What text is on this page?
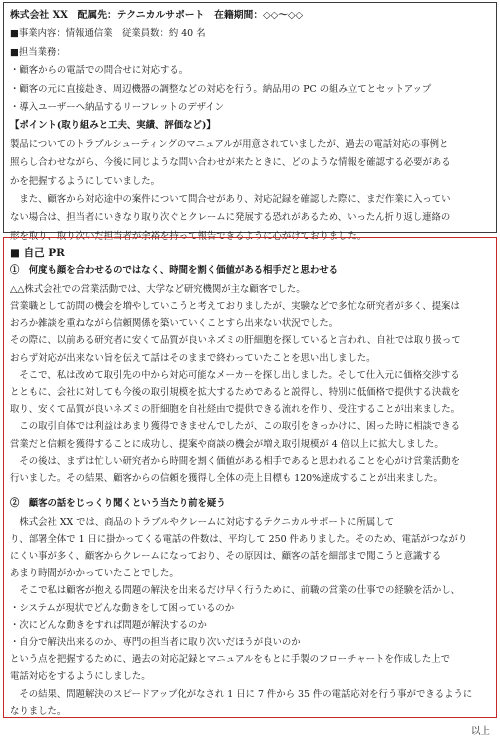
株式会社 XX　配属先：テクニカルサポート　在籍期間：◇◇～◇◇
■事業内容：情報通信業　従業員数：約 40 名
■担当業務：
・顧客からの電話での問合せに対応する。
・顧客の元に直接赴き、周辺機器の調整などの対応を行う。納品用の PC の組み立てとセットアップ
・導入ユーザーへ納品するリーフレットのデザイン
【ポイント(取り組みと工夫、実績、評価など)】
製品についてのトラブルシューティングのマニュアルが用意されていましたが、過去の電話対応の事例と
照らし合わせながら、今後に同じような問い合わせが来たときに、どのような情報を確認する必要がある
かを把握するようにしていました。
　また、顧客から対応途中の案件について問合せがあり、対応記録を確認した際に、まだ作業に入ってい
ない場合は、担当者にいきなり取り次ぐとクレームに発展する恐れがあるため、いったん折り返し連絡の
形を取り、取り次いだ担当者が余裕を持って報告できるように心がけておりました。
■ 自己 PR
①　何度も顔を合わせるのではなく、時間を割く価値がある相手だと思わせる
△△株式会社での営業活動では、大学など研究機関が主な顧客でした。
営業職として訪問の機会を増やしていこうと考えておりましたが、実験などで多忙な研究者が多く、提案は
おろか雑談を重ねながら信頼関係を築いていくことすら出来ない状況でした。
その際に、以前ある研究者に安くて品質が良いネズミの肝細胞を探していると言われ、自社では取り扱って
おらず対応が出来ない旨を伝えて話はそのままで終わっていたことを思い出しました。
　そこで、私は改めて取引先の中から対応可能なメーカーを探し出しました。そして仕入元に価格交渉する
とともに、会社に対しても今後の取引規模を拡大するためであると説得し、特別に低価格で提供する決裁を
取り、安くて品質が良いネズミの肝細胞を自社経由で提供できる流れを作り、受注することが出来ました。
　この取引自体では利益はあまり獲得できませんでしたが、この取引をきっかけに、困った時に相談できる
営業だと信頼を獲得することに成功し、提案や商談の機会が増え取引規模が 4 倍以上に拡大しました。
　その後は、まずは忙しい研究者から時間を割く価値がある相手であると思われることを心がけ営業活動を
行いました。その結果、顧客からの信頼を獲得し全体の売上目標も 120%達成することが出来ました。
②　顧客の話をじっくり聞くという当たり前を疑う
　株式会社 XX では、商品のトラブルやクレームに対応するテクニカルサポートに所属して
り、部署全体で 1 日に掛かってくる電話の件数は、平均して 250 件ありました。そのため、電話がつながり
にくい事が多く、顧客からクレームになっており、その原因は、顧客の話を細部まで聞こうと意識する
あまり時間がかかっていたことでした。
　そこで私は顧客が抱える問題の解決を出来るだけ早く行うために、前職の営業の仕事での経験を活かし、
・システムが現状でどんな動きをして困っているのか
・次にどんな動きをすれば問題が解決するのか
・自分で解決出来るのか、専門の担当者に取り次いだほうが良いのか
という点を把握するために、過去の対応記録とマニュアルをもとに手製のフローチャートを作成した上で
電話対応をするようにしました。
　その結果、問題解決のスピードアップ化がなされ 1 日に 7 件から 35 件の電話応対を行う事ができるように
なりました。
以上
